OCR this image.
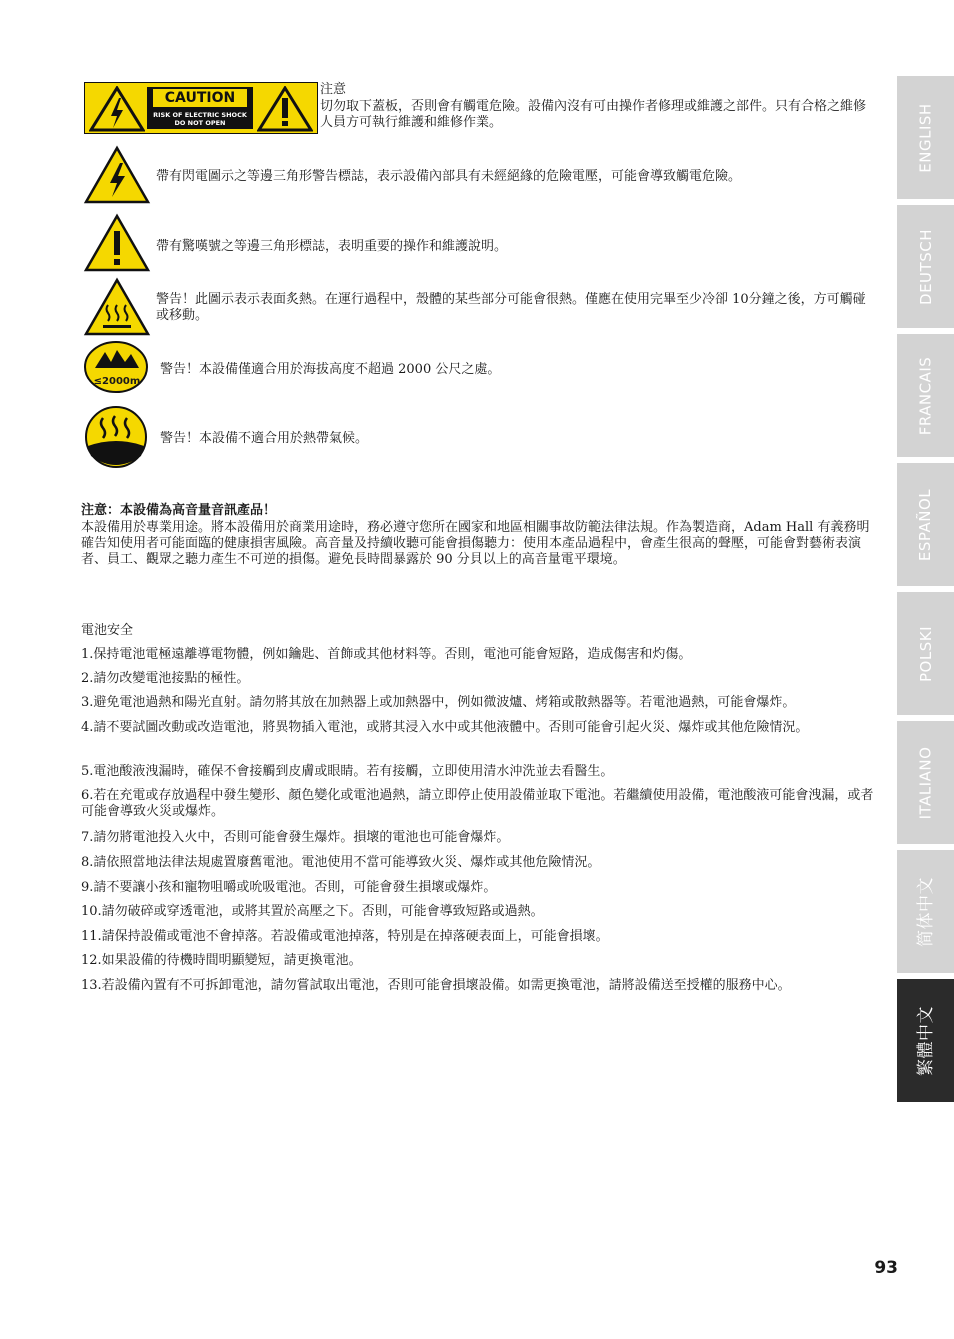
CAUTION
RISK OF ELECTRIC SHOCK
DO NOT OPEN
注意
切勿取下蓋板，否則會有觸電危險。設備內沒有可由操作者修理或維護之部件。只有合格之維修人員方可執行維護和維修作業。
帶有閃電圖示之等邊三角形警告標誌，表示設備內部具有未經絕緣的危險電壓，可能會導致觸電危險。
帶有驚嘆號之等邊三角形標誌，表明重要的操作和維護說明。
警告！此圖示表示表面炙熱。在運行過程中，殼體的某些部分可能會很熱。僅應在使用完畢至少冷卻 10分鐘之後，方可觸碰或移動。
≤2000m
警告！本設備僅適合用於海拔高度不超過 2000 公尺之處。
警告！本設備不適合用於熱帶氣候。
注意：本設備為高音量音訊產品！
本設備用於專業用途。將本設備用於商業用途時，務必遵守您所在國家和地區相關事故防範法律法規。作為製造商，Adam Hall 有義務明確告知使用者可能面臨的健康損害風險。高音量及持續收聽可能會損傷聽力：使用本產品過程中，會產生很高的聲壓，可能會對藝術表演者、員工、觀眾之聽力產生不可逆的損傷。避免長時間暴露於 90 分貝以上的高音量電平環境。
電池安全
1.保持電池電極遠離導電物體，例如鑰匙、首飾或其他材料等。否則，電池可能會短路，造成傷害和灼傷。
2.請勿改變電池接點的極性。
3.避免電池過熱和陽光直射。請勿將其放在加熱器上或加熱器中，例如微波爐、烤箱或散熱器等。若電池過熱，可能會爆炸。
4.請不要試圖改動或改造電池，將異物插入電池，或將其浸入水中或其他液體中。否則可能會引起火災、爆炸或其他危險情況。
5.電池酸液洩漏時，確保不會接觸到皮膚或眼睛。若有接觸，立即使用清水沖洗並去看醫生。
6.若在充電或存放過程中發生變形、顏色變化或電池過熱，請立即停止使用設備並取下電池。若繼續使用設備，電池酸液可能會洩漏，或者可能會導致火災或爆炸。
7.請勿將電池投入火中，否則可能會發生爆炸。損壞的電池也可能會爆炸。
8.請依照當地法律法規處置廢舊電池。電池使用不當可能導致火災、爆炸或其他危險情況。
9.請不要讓小孩和寵物咀嚼或吮吸電池。否則，可能會發生損壞或爆炸。
10.請勿破碎或穿透電池，或將其置於高壓之下。否則，可能會導致短路或過熱。
11.請保持設備或電池不會掉落。若設備或電池掉落，特別是在掉落硬表面上，可能會損壞。
12.如果設備的待機時間明顯變短，請更換電池。
13.若設備內置有不可拆卸電池，請勿嘗試取出電池，否則可能會損壞設備。如需更換電池，請將設備送至授權的服務中心。
ENGLISH
DEUTSCH
FRANCAIS
ESPAÑOL
POLSKI
ITALIANO
简体中文
繁體中文
93
